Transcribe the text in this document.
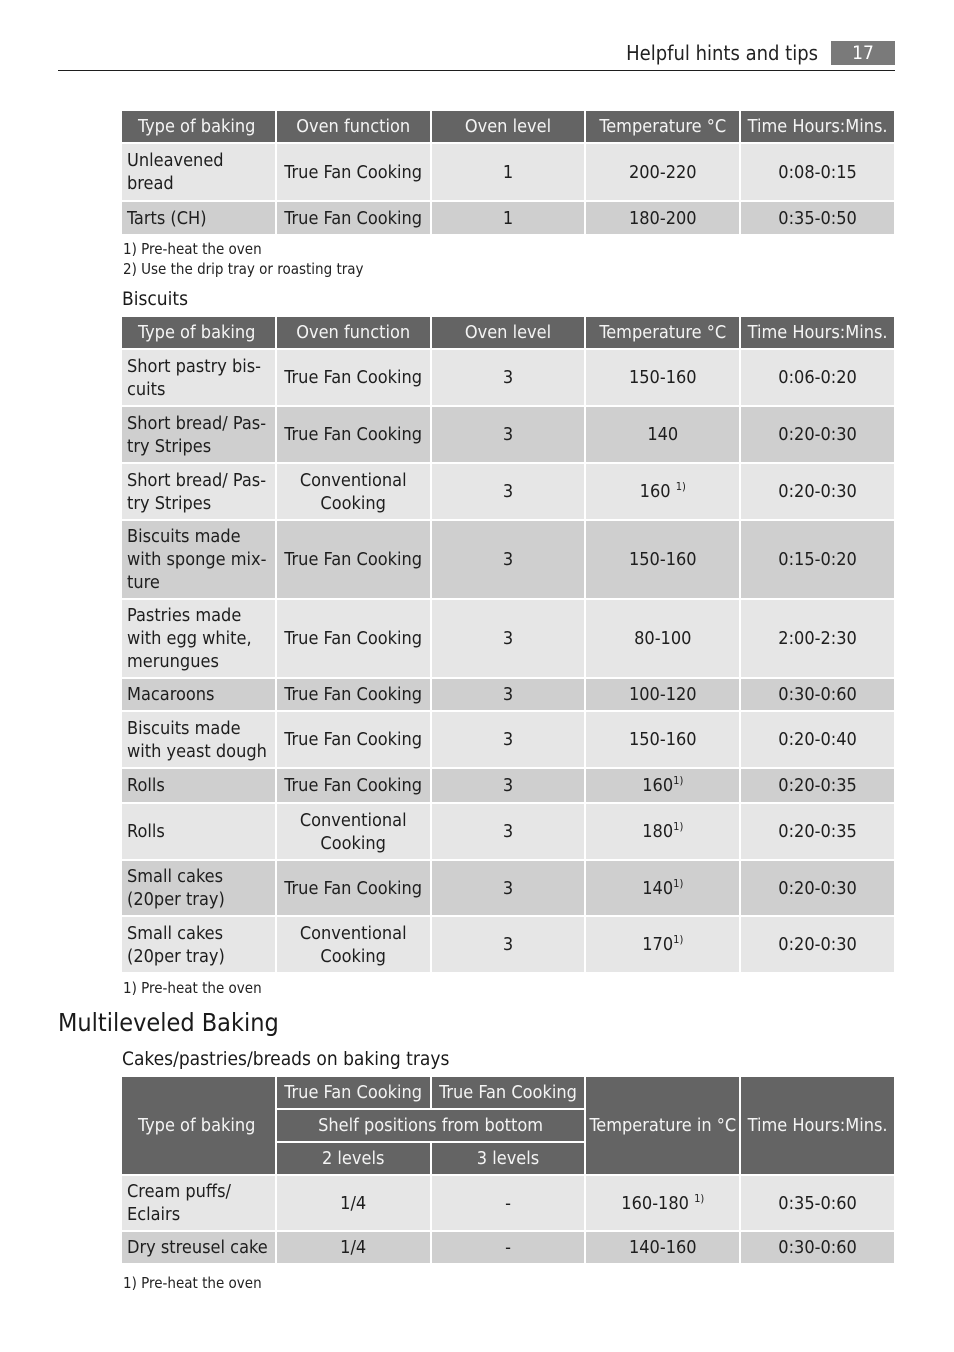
Helpful hints and tips	17
Type of baking	Oven function	Oven level	Temperature °C	Time Hours:Mins.
Unleavened bread	True Fan Cooking	1	200-220	0:08-0:15
Tarts (CH)	True Fan Cooking	1	180-200	0:35-0:50
1) Pre-heat the oven
2) Use the drip tray or roasting tray
Biscuits
Type of baking	Oven function	Oven level	Temperature °C	Time Hours:Mins.
Short pastry bis-cuits	True Fan Cooking	3	150-160	0:06-0:20
Short bread/ Pas-try Stripes	True Fan Cooking	3	140	0:20-0:30
Short bread/ Pas-try Stripes	Conventional Cooking	3	160 $^{1)}$	0:20-0:30
Biscuits made with sponge mix-ture	True Fan Cooking	3	150-160	0:15-0:20
Pastries made with egg white, merungues	True Fan Cooking	3	80-100	2:00-2:30
Macaroons	True Fan Cooking	3	100-120	0:30-0:60
Biscuits made with yeast dough	True Fan Cooking	3	150-160	0:20-0:40
Rolls	True Fan Cooking	3	160$^{1)}$	0:20-0:35
Rolls	Conventional Cooking	3	180$^{1)}$	0:20-0:35
Small cakes (20per tray)	True Fan Cooking	3	140$^{1)}$	0:20-0:30
Small cakes (20per tray)	Conventional Cooking	3	170$^{1)}$	0:20-0:30
1) Pre-heat the oven
Multileveled Baking
Cakes/pastries/breads on baking trays
Type of baking	True Fan Cooking	True Fan Cooking	Temperature in °C	Time Hours:Mins.
	Shelf positions from bottom			
	2 levels	3 levels		
Cream puffs/ Eclairs	1/4	-	160-180 $^{1)}$	0:35-0:60
Dry streusel cake	1/4	-	140-160	0:30-0:60
1) Pre-heat the oven
